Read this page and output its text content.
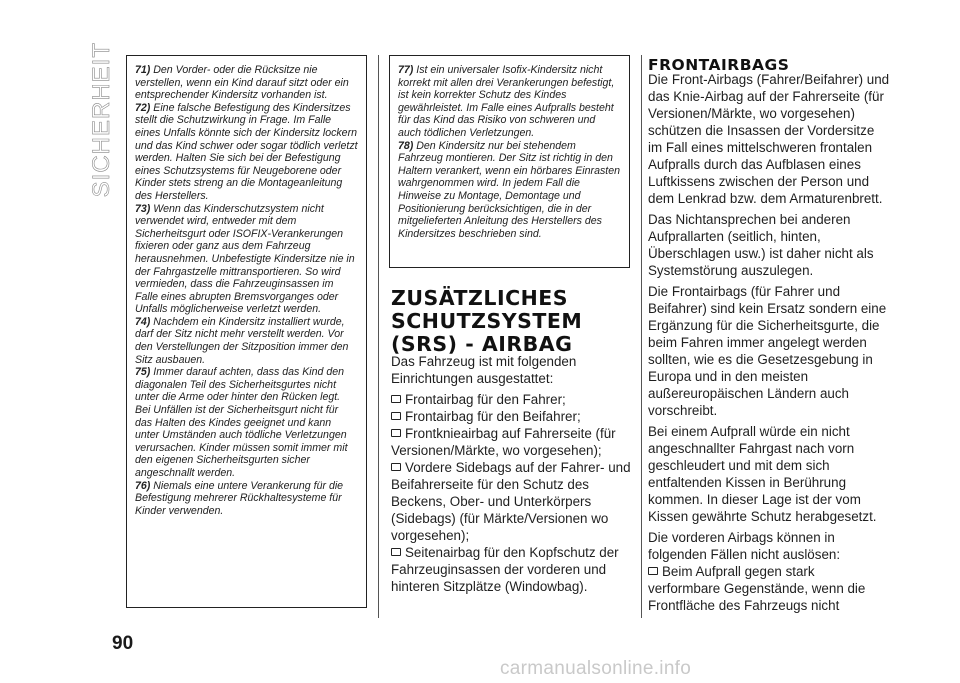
SICHERHEIT 71) Den Vorder- oder die Rücksitze nie verstellen, wenn ein Kind darauf sitzt oder ein entsprechender Kindersitz vorhanden ist.

72) Eine falsche Befestigung des Kindersitzes stellt die Schutzwirkung in Frage. Im Falle eines Unfalls könnte sich der Kindersitz lockern und das Kind schwer oder sogar tödlich verletzt werden. Halten Sie sich bei der Befestigung eines Schutzsystems für Neugeborene oder Kinder stets streng an die Montageanleitung des Herstellers.

73) Wenn das Kinderschutzsystem nicht verwendet wird, entweder mit dem Sicherheitsgurt oder ISOFIX-Verankerungen fixieren oder ganz aus dem Fahrzeug herausnehmen. Unbefestigte Kindersitze nie in der Fahrgastzelle mittransportieren. So wird vermieden, dass die Fahrzeuginsassen im Falle eines abrupten Bremsvorganges oder Unfalls möglicherweise verletzt werden.

74) Nachdem ein Kindersitz installiert wurde, darf der Sitz nicht mehr verstellt werden. Vor den Verstellungen der Sitzposition immer den Sitz ausbauen.

75) Immer darauf achten, dass das Kind den diagonalen Teil des Sicherheitsgurtes nicht unter die Arme oder hinter den Rücken legt. Bei Unfällen ist der Sicherheitsgurt nicht für das Halten des Kindes geeignet und kann unter Umständen auch tödliche Verletzungen verursachen. Kinder müssen somit immer mit den eigenen Sicherheitsgurten sicher angeschnallt werden.

76) Niemals eine untere Verankerung für die Befestigung mehrerer Rückhaltesysteme für Kinder verwenden.

77) Ist ein universaler Isofix-Kindersitz nicht korrekt mit allen drei Verankerungen befestigt, ist kein korrekter Schutz des Kindes gewährleistet. Im Falle eines Aufpralls besteht für das Kind das Risiko von schweren und auch tödlichen Verletzungen.

78) Den Kindersitz nur bei stehendem Fahrzeug montieren. Der Sitz ist richtig in den Haltern verankert, wenn ein hörbares Einrasten wahrgenommen wird. In jedem Fall die Hinweise zu Montage, Demontage und Positionierung berücksichtigen, die in der mitgelieferten Anleitung des Herstellers des Kindersitzes beschrieben sind.

ZUSÄTZLICHES SCHUTZSYSTEM (SRS) - AIRBAG

Das Fahrzeug ist mit folgenden Einrichtungen ausgestattet:

Frontairbag für den Fahrer;

Frontairbag für den Beifahrer;

Frontknieairbag auf Fahrerseite (für Versionen/Märkte, wo vorgesehen);

Vordere Sidebags auf der Fahrer- und Beifahrerseite für den Schutz des Beckens, Ober- und Unterkörpers (Sidebags) (für Märkte/Versionen wo vorgesehen);

Seitenairbag für den Kopfschutz der Fahrzeuginsassen der vorderen und hinteren Sitzplätze (Windowbag).

FRONTAIRBAGS

Die Front-Airbags (Fahrer/Beifahrer) und das Knie-Airbag auf der Fahrerseite (für Versionen/Märkte, wo vorgesehen) schützen die Insassen der Vordersitze im Fall eines mittelschweren frontalen Aufpralls durch das Aufblasen eines Luftkissens zwischen der Person und dem Lenkrad bzw. dem Armaturenbrett.

Das Nichtansprechen bei anderen Aufprallarten (seitlich, hinten, Überschlagen usw.) ist daher nicht als Systemstörung auszulegen.

Die Frontairbags (für Fahrer und Beifahrer) sind kein Ersatz sondern eine Ergänzung für die Sicherheitsgurte, die beim Fahren immer angelegt werden sollten, wie es die Gesetzesgebung in Europa und in den meisten außereuropäischen Ländern auch vorschreibt.

Bei einem Aufprall würde ein nicht angeschnallter Fahrgast nach vorn geschleudert und mit dem sich entfaltenden Kissen in Berührung kommen. In dieser Lage ist der vom Kissen gewährte Schutz herabgesetzt.

Die vorderen Airbags können in folgenden Fällen nicht auslösen:

Beim Aufprall gegen stark verformbare Gegenstände, wenn die Frontfläche des Fahrzeugs nicht

90
carmanualsonline.info
